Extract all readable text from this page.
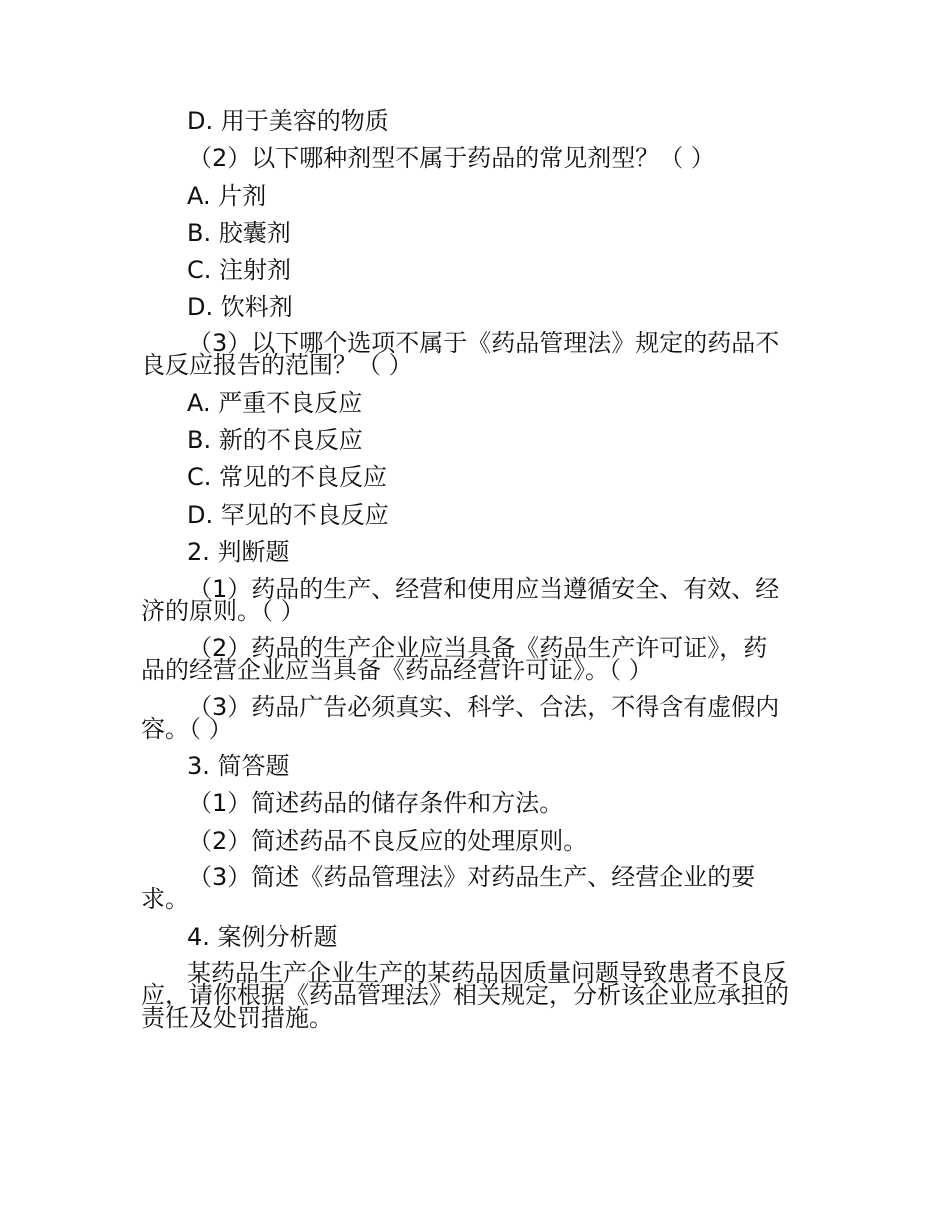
D. 用于美容的物质
（2）以下哪种剂型不属于药品的常见剂型？（ ）
A. 片剂
B. 胶囊剂
C. 注射剂
D. 饮料剂
（3）以下哪个选项不属于《药品管理法》规定的药品不
良反应报告的范围？（ ）
A. 严重不良反应
B. 新的不良反应
C. 常见的不良反应
D. 罕见的不良反应
2. 判断题
（1）药品的生产、经营和使用应当遵循安全、有效、经
济的原则。（ ）
（2）药品的生产企业应当具备《药品生产许可证》，药
品的经营企业应当具备《药品经营许可证》。（ ）
（3）药品广告必须真实、科学、合法，不得含有虚假内
容。（ ）
3. 简答题
（1）简述药品的储存条件和方法。
（2）简述药品不良反应的处理原则。
（3）简述《药品管理法》对药品生产、经营企业的要
求。
4. 案例分析题
某药品生产企业生产的某药品因质量问题导致患者不良反
应，请你根据《药品管理法》相关规定，分析该企业应承担的
责任及处罚措施。
